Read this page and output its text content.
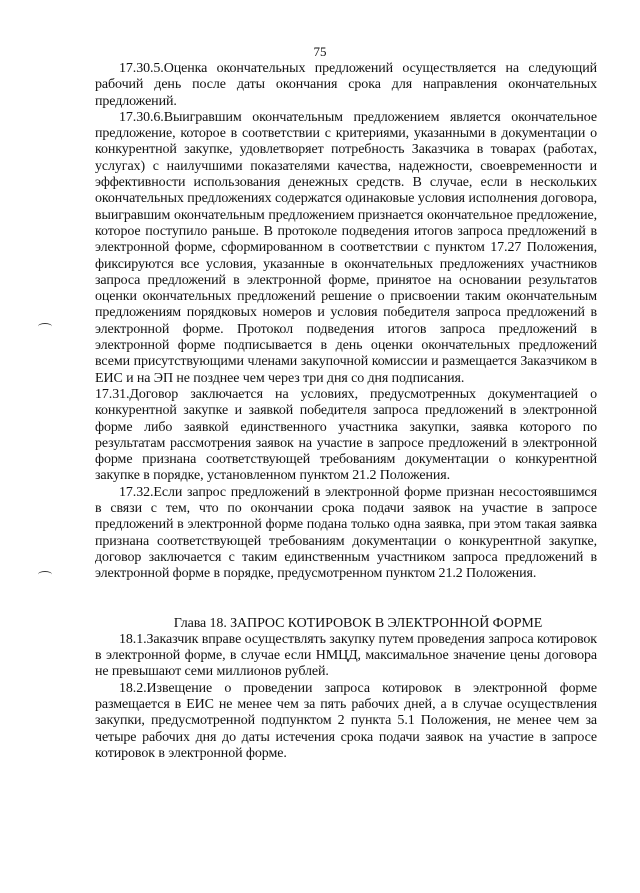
75

17.30.5.Оценка окончательных предложений осуществляется на следующий рабочий день после даты окончания срока для направления окончательных предложений.

17.30.6.Выигравшим окончательным предложением является окончательное предложение, которое в соответствии с критериями, указанными в документации о конкурентной закупке, удовлетворяет потребность Заказчика в товарах (работах, услугах) с наилучшими показателями качества, надежности, своевременности и эффективности использования денежных средств. В случае, если в нескольких окончательных предложениях содержатся одинаковые условия исполнения договора, выигравшим окончательным предложением признается окончательное предложение, которое поступило раньше. В протоколе подведения итогов запроса предложений в электронной форме, сформированном в соответствии с пунктом 17.27 Положения, фиксируются все условия, указанные в окончательных предложениях участников запроса предложений в электронной форме, принятое на основании результатов оценки окончательных предложений решение о присвоении таким окончательным предложениям порядковых номеров и условия победителя запроса предложений в электронной форме. Протокол подведения итогов запроса предложений в электронной форме подписывается в день оценки окончательных предложений всеми присутствующими членами закупочной комиссии и размещается Заказчиком в ЕИС и на ЭП не позднее чем через три дня со дня подписания.

17.31.Договор заключается на условиях, предусмотренных документацией о конкурентной закупке и заявкой победителя запроса предложений в электронной форме либо заявкой единственного участника закупки, заявка которого по результатам рассмотрения заявок на участие в запросе предложений в электронной форме признана соответствующей требованиям документации о конкурентной закупке в порядке, установленном пунктом 21.2 Положения.

17.32.Если запрос предложений в электронной форме признан несостоявшимся в связи с тем, что по окончании срока подачи заявок на участие в запросе предложений в электронной форме подана только одна заявка, при этом такая заявка признана соответствующей требованиям документации о конкурентной закупке, договор заключается с таким единственным участником запроса предложений в электронной форме в порядке, предусмотренном пунктом 21.2 Положения.

Глава 18. ЗАПРОС КОТИРОВОК В ЭЛЕКТРОННОЙ ФОРМЕ

18.1.Заказчик вправе осуществлять закупку путем проведения запроса котировок в электронной форме, в случае если НМЦД, максимальное значение цены договора не превышают семи миллионов рублей.

18.2.Извещение о проведении запроса котировок в электронной форме размещается в ЕИС не менее чем за пять рабочих дней, а в случае осуществления закупки, предусмотренной подпунктом 2 пункта 5.1 Положения, не менее чем за четыре рабочих дня до даты истечения срока подачи заявок на участие в запросе котировок в электронной форме.
